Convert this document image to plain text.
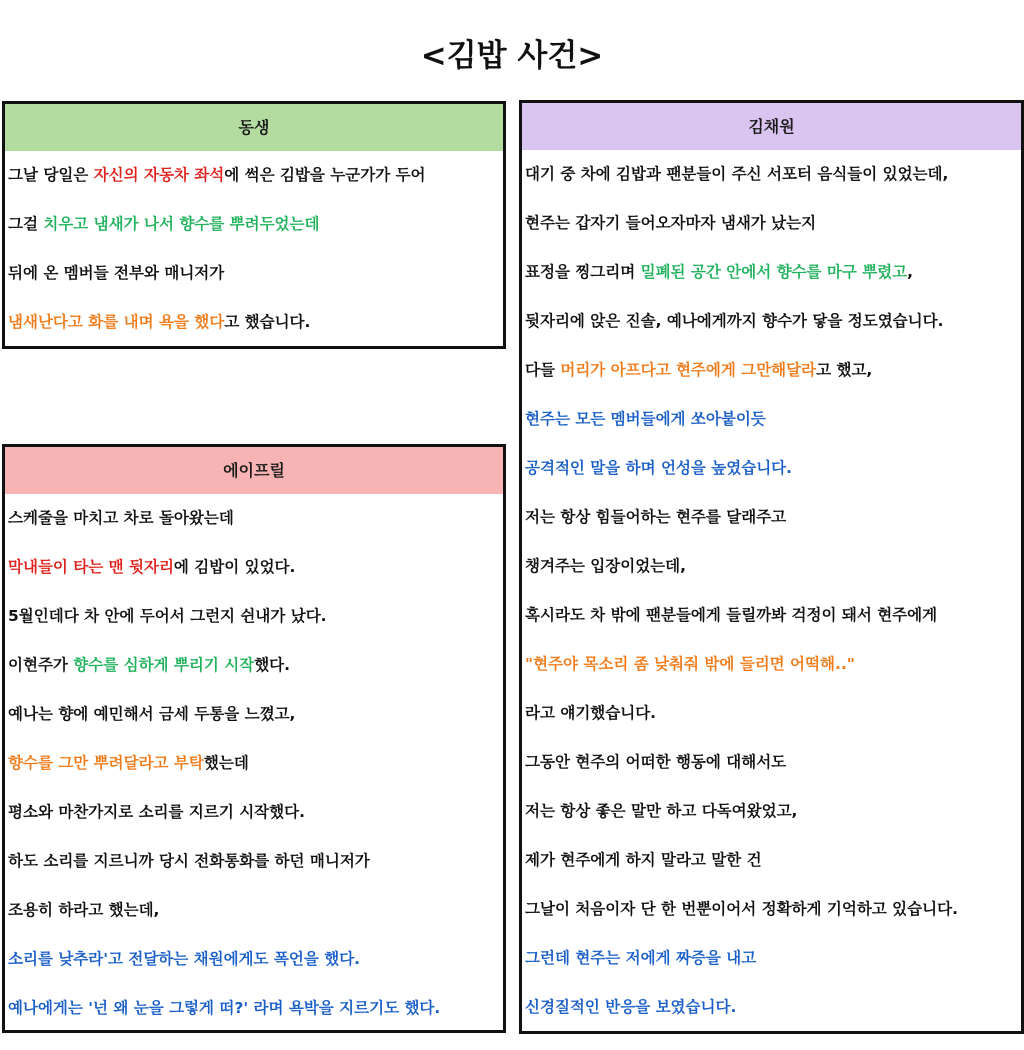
<김밥 사건>
동생
그날 당일은 자신의 자동차 좌석에 썩은 김밥을 누군가가 두어
그걸 치우고 냄새가 나서 향수를 뿌려두었는데
뒤에 온 멤버들 전부와 매니저가
냄새난다고 화를 내며 욕을 했다고 했습니다.
에이프릴
스케줄을 마치고 차로 돌아왔는데
막내들이 타는 맨 뒷자리에 김밥이 있었다.
5월인데다 차 안에 두어서 그런지 쉰내가 났다.
이현주가 향수를 심하게 뿌리기 시작했다.
예나는 향에 예민해서 금세 두통을 느꼈고,
향수를 그만 뿌려달라고 부탁했는데
평소와 마찬가지로 소리를 지르기 시작했다.
하도 소리를 지르니까 당시 전화통화를 하던 매니저가
조용히 하라고 했는데,
소리를 낮추라'고 전달하는 채원에게도 폭언을 했다.
예나에게는 '넌 왜 눈을 그렇게 떠?' 라며 욕박을 지르기도 했다.
김채원
대기 중 차에 김밥과 팬분들이 주신 서포터 음식들이 있었는데,
현주는 갑자기 들어오자마자 냄새가 났는지
표정을 찡그리며 밀폐된 공간 안에서 향수를 마구 뿌렸고,
뒷자리에 앉은 진솔, 예나에게까지 향수가 닿을 정도였습니다.
다들 머리가 아프다고 현주에게 그만해달라고 했고,
현주는 모든 멤버들에게 쏘아붙이듯
공격적인 말을 하며 언성을 높였습니다.
저는 항상 힘들어하는 현주를 달래주고
챙겨주는 입장이었는데,
혹시라도 차 밖에 팬분들에게 들릴까봐 걱정이 돼서 현주에게
"현주야 목소리 좀 낮춰줘 밖에 들리면 어떡해.."
라고 얘기했습니다.
그동안 현주의 어떠한 행동에 대해서도
저는 항상 좋은 말만 하고 다독여왔었고,
제가 현주에게 하지 말라고 말한 건
그날이 처음이자 단 한 번뿐이어서 정확하게 기억하고 있습니다.
그런데 현주는 저에게 짜증을 내고
신경질적인 반응을 보였습니다.
